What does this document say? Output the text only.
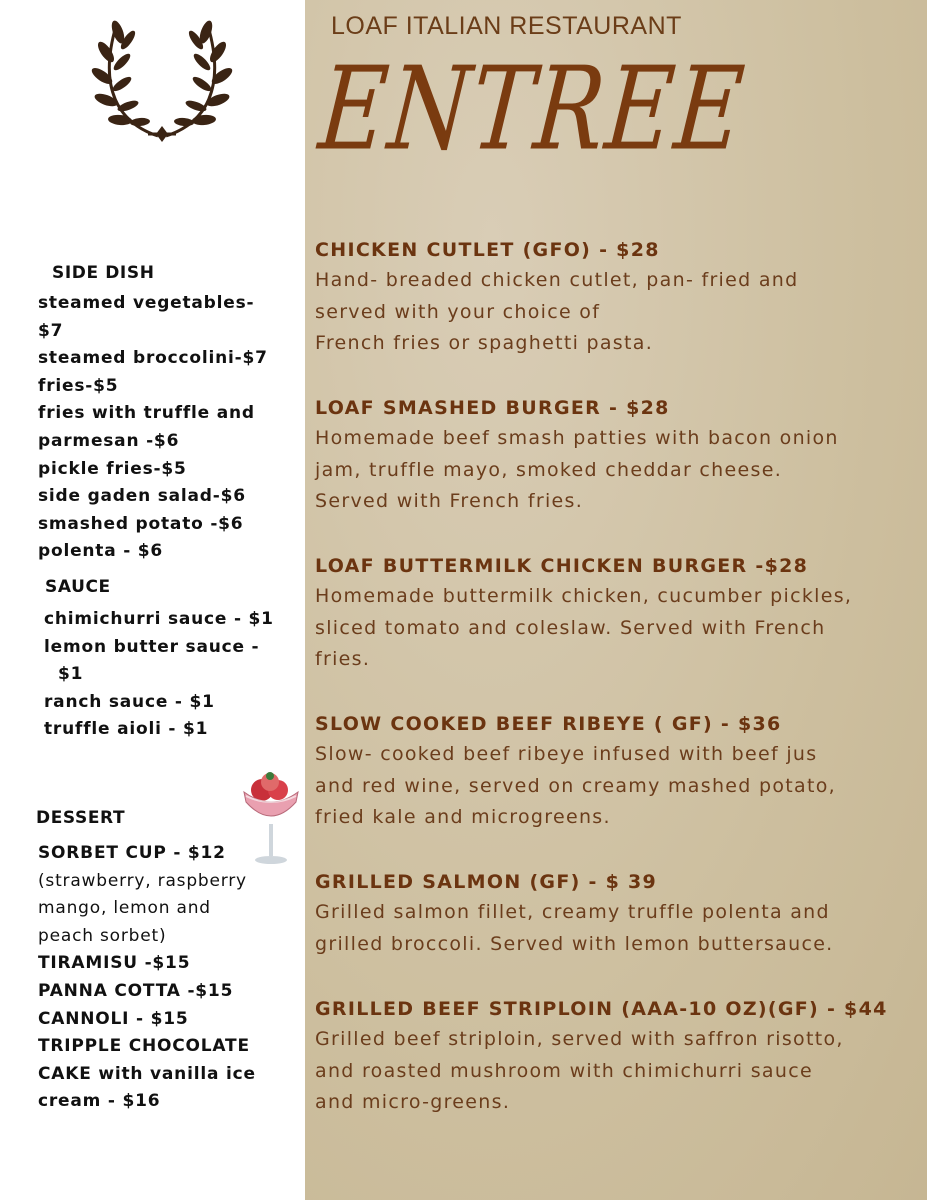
LOAF ITALIAN RESTAURANT
ENTREE
SIDE DISH
steamed vegetables-
$7
steamed broccolini-$7
fries-$5
fries with truffle and
parmesan -$6
pickle fries-$5
side gaden salad-$6
smashed potato -$6
polenta - $6
SAUCE
chimichurri sauce - $1
lemon butter sauce -
$1
ranch sauce - $1
truffle aioli - $1
DESSERT
SORBET CUP - $12
(strawberry, raspberry
mango, lemon and
peach sorbet)
TIRAMISU -$15
PANNA COTTA -$15
CANNOLI - $15
TRIPPLE CHOCOLATE
CAKE with vanilla ice
cream - $16
CHICKEN CUTLET (GFO) - $28
Hand- breaded chicken cutlet, pan- fried and
served with your choice of
French fries or spaghetti pasta.
LOAF SMASHED BURGER - $28
Homemade beef smash patties with bacon onion
jam, truffle mayo, smoked cheddar cheese.
Served with French fries.
LOAF BUTTERMILK CHICKEN BURGER -$28
Homemade buttermilk chicken, cucumber pickles,
sliced tomato and coleslaw. Served with French
fries.
SLOW COOKED BEEF RIBEYE ( GF) - $36
Slow- cooked beef ribeye infused with beef jus
and red wine, served on creamy mashed potato,
fried kale and microgreens.
GRILLED SALMON (GF) - $ 39
Grilled salmon fillet, creamy truffle polenta and
grilled broccoli. Served with lemon buttersauce.
GRILLED BEEF STRIPLOIN (AAA-10 OZ)(GF) - $44
Grilled beef striploin, served with saffron risotto,
and roasted mushroom with chimichurri sauce
and micro-greens.
